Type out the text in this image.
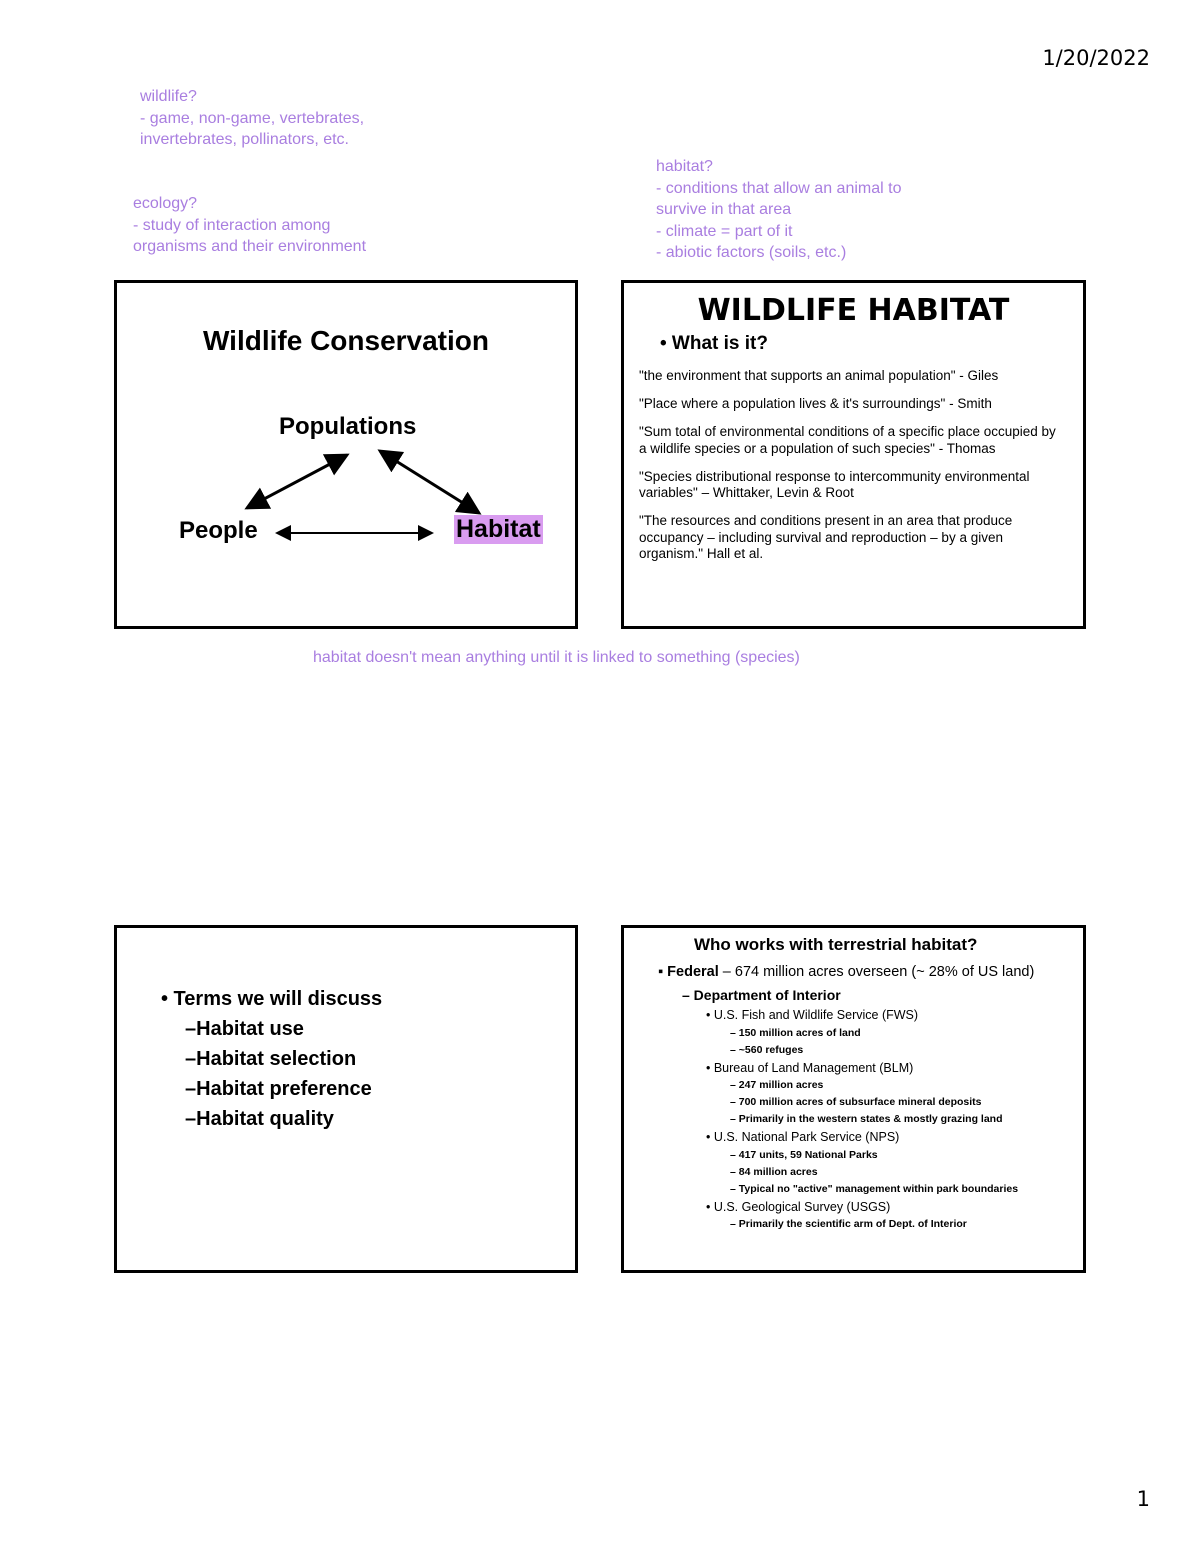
1/20/2022
wildlife?
- game, non-game, vertebrates,
invertebrates, pollinators, etc.
ecology?
- study of interaction among
organisms and their environment
habitat?
- conditions that allow an animal to
survive in that area
- climate = part of it
- abiotic factors (soils, etc.)
Wildlife Conservation
Populations
People	Habitat
WILDLIFE HABITAT
• What is it?

"the environment that supports an animal population" - Giles

"Place where a population lives & it's surroundings" - Smith

"Sum total of environmental conditions of a specific place occupied by a wildlife species or a population of such species" - Thomas

"Species distributional response to intercommunity environmental variables" – Whittaker, Levin & Root

"The resources and conditions present in an area that produce occupancy – including survival and reproduction – by a given organism." Hall et al.

habitat doesn't mean anything until it is linked to something (species)
• Terms we will discuss
–Habitat use
–Habitat selection
–Habitat preference
–Habitat quality
Who works with terrestrial habitat?
▪ Federal – 674 million acres overseen (~ 28% of US land)
– Department of Interior
• U.S. Fish and Wildlife Service (FWS)
– 150 million acres of land
– ~560 refuges
• Bureau of Land Management (BLM)
– 247 million acres
– 700 million acres of subsurface mineral deposits
– Primarily in the western states & mostly grazing land
• U.S. National Park Service (NPS)
– 417 units, 59 National Parks
– 84 million acres
– Typical no "active" management within park boundaries
• U.S. Geological Survey (USGS)
– Primarily the scientific arm of Dept. of Interior
1
